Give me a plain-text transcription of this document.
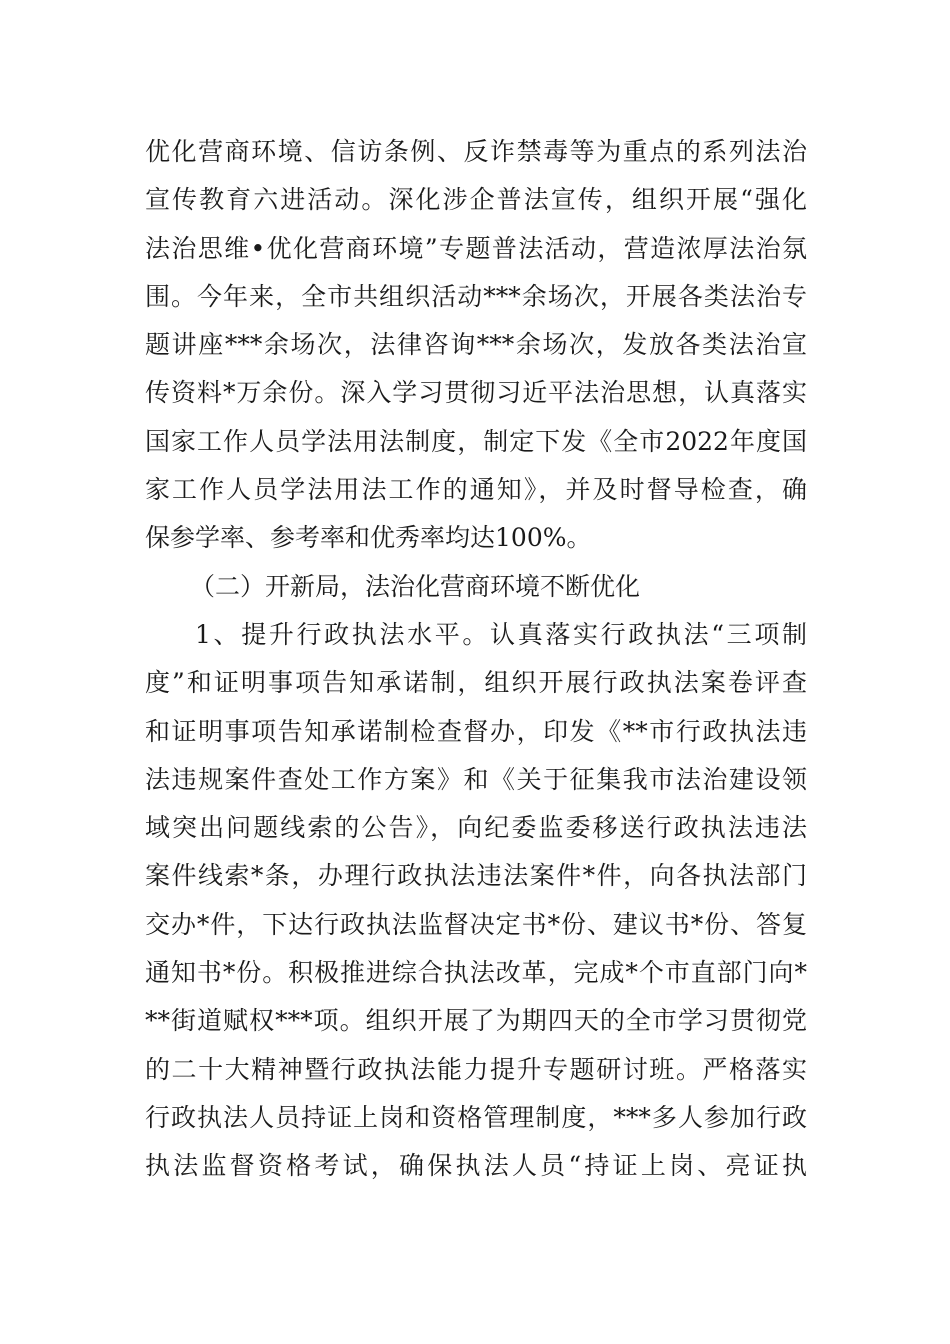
优化营商环境、信访条例、反诈禁毒等为重点的系列法治
宣传教育六进活动。深化涉企普法宣传，组织开展“强化
法治思维•优化营商环境”专题普法活动，营造浓厚法治氛
围。今年来，全市共组织活动***余场次，开展各类法治专
题讲座***余场次，法律咨询***余场次，发放各类法治宣
传资料*万余份。深入学习贯彻习近平法治思想，认真落实
国家工作人员学法用法制度，制定下发《全市2022年度国
家工作人员学法用法工作的通知》，并及时督导检查，确
保参学率、参考率和优秀率均达100%。
（二）开新局，法治化营商环境不断优化
1、提升行政执法水平。认真落实行政执法“三项制
度”和证明事项告知承诺制，组织开展行政执法案卷评查
和证明事项告知承诺制检查督办，印发《**市行政执法违
法违规案件查处工作方案》和《关于征集我市法治建设领
域突出问题线索的公告》，向纪委监委移送行政执法违法
案件线索*条，办理行政执法违法案件*件，向各执法部门
交办*件，下达行政执法监督决定书*份、建议书*份、答复
通知书*份。积极推进综合执法改革，完成*个市直部门向*
**街道赋权***项。组织开展了为期四天的全市学习贯彻党
的二十大精神暨行政执法能力提升专题研讨班。严格落实
行政执法人员持证上岗和资格管理制度，***多人参加行政
执法监督资格考试，确保执法人员“持证上岗、亮证执
